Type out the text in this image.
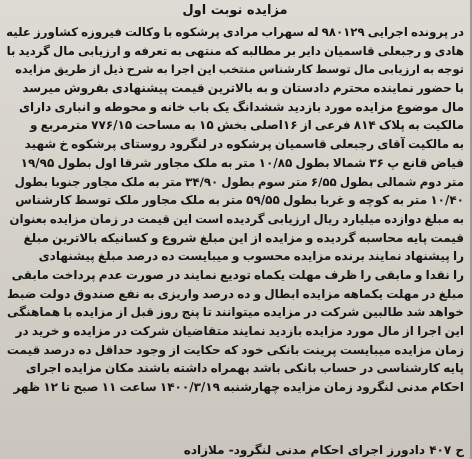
مزایده نوبت اول
در پرونده اجرایی ۹۸۰۱۲۹ له سهراب مرادی پرشکوه با وکالت فیروزه کشاورز علیه
هادی و رجبعلی قاسمیان دایر بر مطالبه که منتهی به تعرفه و ارزیابی مال گردید با
توجه به ارزیابی مال توسط کارشناس منتخب این اجرا به شرح ذیل از طریق مزایده
با حضور نماینده محترم دادستان و به بالاترین قیمت پیشنهادی بفروش میرسد
مال موضوع مزایده مورد بازدید ششدانگ یک باب خانه و محوطه و انباری دارای
مالکیت به پلاک ۸۱۴ فرعی از ۱۶اصلی بخش ۱۵ به مساحت ۷۷۶/۱۵ مترمربع و
به مالکیت آقای رجبعلی قاسمیان پرشکوه در لنگرود روستای پرشکوه خ شهید
فیاض قانع پ ۳۶ شمالا بطول ۱۰/۸۵ متر به ملک مجاور شرقا اول بطول ۱۹/۹۵
متر دوم شمالی بطول ۶/۵۵ متر سوم بطول ۳۴/۹۰ متر به ملک مجاور جنوبا بطول
۱۰/۴۰ متر به کوچه و غربا بطول ۵۹/۵۵ متر به ملک مجاور ملک توسط کارشناس
به مبلغ دوازده میلیارد ریال ارزیابی گردیده است این قیمت در زمان مزایده بعنوان
قیمت پایه محاسبه گردیده و مزایده از این مبلغ شروع و کسانیکه بالاترین مبلغ
را پیشنهاد نمایند برنده مزایده محسوب و میبایست ده درصد مبلغ پیشنهادی
را نقدا و مابقی را ظرف مهلت یکماه تودیع نمایند در صورت عدم پرداخت مابقی
مبلغ در مهلت یکماهه مزایده ابطال و ده درصد واریزی به نفع صندوق دولت ضبط
خواهد شد طالبین شرکت در مزایده میتوانند تا پنج روز قبل از مزایده با هماهنگی
این اجرا از مال مورد مزایده بازدید نمایند متقاضیان شرکت در مزایده و خرید در
زمان مزایده میبایست پرینت بانکی خود که حکایت از وجود حداقل ده درصد قیمت
پایه کارشناسی در حساب بانکی باشد بهمراه داشته باشند مکان مزایده اجرای
احکام مدنی لنگرود زمان مزایده چهارشنبه ۱۴۰۰/۳/۱۹ ساعت ۱۱ صبح تا ۱۲ ظهر
ح ۴۰۷ دادورز اجرای احکام مدنی لنگرود- ملازاده
